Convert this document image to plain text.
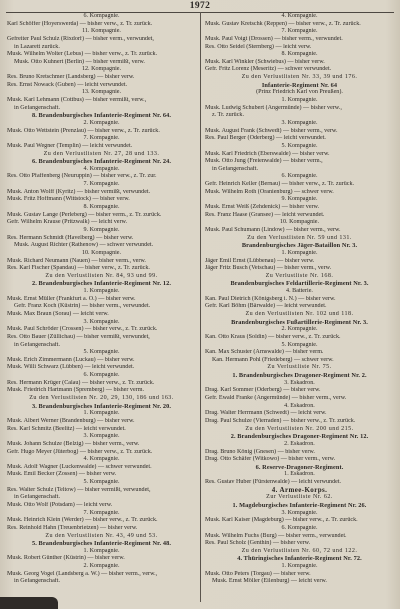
1972
6. Kompagnie.
Karl Schöffer (Hoyerswerda) — bisher verw., z. Tr. zurück.
11. Kompagnie.
Gefreiter Paul Schulz (Rixdorf) — bisher verm., verwundet,
in Lazarett zurück.
Musk. Wilhelm Wolter (Lebus) — bisher verw., z. Tr. zurück.
Musk. Otto Kuhnert (Berlin) — bisher vermißt, verw.
12. Kompagnie.
Res. Bruno Kretschmer (Landsberg) — bisher verw.
Res. Ernst Nowack (Guben) — leicht verwundet.
13. Kompagnie.
Musk. Karl Lehmann (Cottbus) — bisher vermißt, verw.,
in Gefangenschaft.
8. Brandenburgisches Infanterie-Regiment Nr. 64.
2. Kompagnie.
Musk. Otto Wettstein (Prenzlau) — bisher verw., z. Tr. zurück.
7. Kompagnie.
Musk. Paul Wegner (Templin) — leicht verwundet.
Zu den Verlustlisten Nr. 27, 28 und 133.
6. Brandenburgisches Infanterie-Regiment Nr. 24.
4. Kompagnie.
Res. Otto Pfaffenberg (Neuruppin) — bisher verw., z. Tr. zur.
7. Kompagnie.
Musk. Anton Wolff (Kyritz) — bisher vermißt, verwundet.
Musk. Fritz Hoffmann (Wittstock) — bisher verw.
8. Kompagnie.
Musk. Gustav Lange (Perleberg) — bisher verm., z. Tr. zurück.
Gefr. Wilhelm Krause (Pritzwalk) — leicht verw.
9. Kompagnie.
Res. Hermann Schmidt (Havelberg) — bisher verw.
Musk. August Richter (Rathenow) — schwer verwundet.
10. Kompagnie.
Musk. Richard Neumann (Nauen) — bisher verm., verw.
Res. Karl Fischer (Spandau) — bisher verw., z. Tr. zurück.
Zu den Verlustlisten Nr. 84, 93 und 99.
2. Brandenburgisches Infanterie-Regiment Nr. 12.
1. Kompagnie.
Musk. Ernst Müller (Frankfurt a. O.) — bisher verw.
Gefr. Franz Koch (Küstrin) — bisher verm., verwundet.
Musk. Max Braun (Sorau) — leicht verw.
3. Kompagnie.
Musk. Paul Schröder (Crossen) — bisher verw., z. Tr. zurück.
Res. Otto Bauer (Züllichau) — bisher vermißt, verwundet,
in Gefangenschaft.
5. Kompagnie.
Musk. Erich Zimmermann (Luckau) — bisher verw.
Musk. Willi Schwarz (Lübben) — leicht verwundet.
6. Kompagnie.
Res. Hermann Krüger (Calau) — bisher verw., z. Tr. zurück.
Musk. Friedrich Hartmann (Spremberg) — bisher verm.
Zu den Verlustlisten Nr. 20, 29, 130, 186 und 163.
3. Brandenburgisches Infanterie-Regiment Nr. 20.
1. Kompagnie.
Musk. Albert Werner (Brandenburg) — bisher verw.
Res. Karl Schmitz (Beelitz) — leicht verwundet.
3. Kompagnie.
Musk. Johann Schulze (Belzig) — bisher verm., verw.
Gefr. Hugo Meyer (Jüterbog) — bisher verw., z. Tr. zurück.
4. Kompagnie.
Musk. Adolf Wagner (Luckenwalde) — schwer verwundet.
Musk. Emil Becker (Zossen) — bisher verw.
5. Kompagnie.
Res. Walter Schulz (Teltow) — bisher vermißt, verwundet,
in Gefangenschaft.
Musk. Otto Wolf (Potsdam) — leicht verw.
7. Kompagnie.
Musk. Heinrich Klein (Werder) — bisher verw., z. Tr. zurück.
Res. Reinhold Hahn (Treuenbrietzen) — bisher verw.
Zu den Verlustlisten Nr. 43, 49 und 53.
5. Brandenburgisches Infanterie-Regiment Nr. 48.
1. Kompagnie.
Musk. Robert Günther (Küstrin) — bisher verw.
2. Kompagnie.
Musk. Georg Vogel (Landsberg a. W.) — bisher verm., verw.,
in Gefangenschaft.
4. Kompagnie.
Musk. Gustav Kretschk (Reppen) — bisher verw., z. Tr. zurück.
7. Kompagnie.
Musk. Paul Voigt (Drossen) — bisher verm., verwundet.
Res. Otto Seidel (Sternberg) — leicht verw.
8. Kompagnie.
Musk. Karl Winkler (Schwiebus) — bisher verw.
Gefr. Fritz Lorenz (Meseritz) — schwer verwundet.
Zu den Verlustlisten Nr. 33, 39 und 176.
Infanterie-Regiment Nr. 64
(Prinz Friedrich Karl von Preußen).
1. Kompagnie.
Musk. Ludwig Schubert (Angermünde) — bisher verw.,
z. Tr. zurück.
3. Kompagnie.
Musk. August Frank (Schwedt) — bisher verm., verw.
Res. Paul Berger (Oderberg) — leicht verwundet.
5. Kompagnie.
Musk. Karl Friedrich (Eberswalde) — bisher verw.
Musk. Otto Jung (Freienwalde) — bisher verm.,
in Gefangenschaft.
6. Kompagnie.
Gefr. Heinrich Keller (Bernau) — bisher verw., z. Tr. zurück.
Musk. Wilhelm Roth (Oranienburg) — schwer verw.
9. Kompagnie.
Musk. Ernst Weiß (Zehdenick) — bisher verw.
Res. Franz Haase (Gransee) — leicht verwundet.
10. Kompagnie.
Musk. Paul Schumann (Lindow) — bisher verm., verw.
Zu den Verlustlisten Nr. 59 und 131.
Brandenburgisches Jäger-Bataillon Nr. 3.
1. Kompagnie.
Jäger Emil Ernst (Lübbenau) — bisher verw.
Jäger Fritz Busch (Vetschau) — bisher verm., verw.
Zu Verlustliste Nr. 168.
Brandenburgisches Feldartillerie-Regiment Nr. 3.
4. Batterie.
Kan. Paul Dietrich (Königsberg i. N.) — bisher verw.
Gefr. Karl Böhm (Bärwalde) — leicht verwundet.
Zu den Verlustlisten Nr. 102 und 118.
Brandenburgisches Fußartillerie-Regiment Nr. 3.
2. Kompagnie.
Kan. Otto Kraus (Soldin) — bisher verw., z. Tr. zurück.
5. Kompagnie.
Kan. Max Schuster (Arnswalde) — bisher verm.
Kan. Hermann Pohl (Friedeberg) — schwer verw.
Zu Verlustliste Nr. 75.
1. Brandenburgisches Dragoner-Regiment Nr. 2.
3. Eskadron.
Drag. Karl Sommer (Oderberg) — bisher verw.
Gefr. Ewald Franke (Angermünde) — bisher verm., verw.
4. Eskadron.
Drag. Walter Herrmann (Schwedt) — leicht verw.
Drag. Paul Schulze (Vierraden) — bisher verw., z. Tr. zurück.
Zu den Verlustlisten Nr. 200 und 215.
2. Brandenburgisches Dragoner-Regiment Nr. 12.
2. Eskadron.
Drag. Bruno König (Gnesen) — bisher verw.
Drag. Otto Schäfer (Witkowo) — bisher verm., verw.
6. Reserve-Dragoner-Regiment.
1. Eskadron.
Res. Gustav Huber (Fürstenwalde) — leicht verwundet.
4. Armee-Korps.
Zur Verlustliste Nr. 62.
1. Magdeburgisches Infanterie-Regiment Nr. 26.
3. Kompagnie.
Musk. Karl Kaiser (Magdeburg) — bisher verw., z. Tr. zurück.
6. Kompagnie.
Musk. Wilhelm Fuchs (Burg) — bisher verm., verwundet.
Res. Paul Scholz (Genthin) — bisher verw.
Zu den Verlustlisten Nr. 60, 72 und 122.
4. Thüringisches Infanterie-Regiment Nr. 72.
1. Kompagnie.
Musk. Otto Peters (Torgau) — bisher verw.
Musk. Ernst Möller (Eilenburg) — leicht verw.
